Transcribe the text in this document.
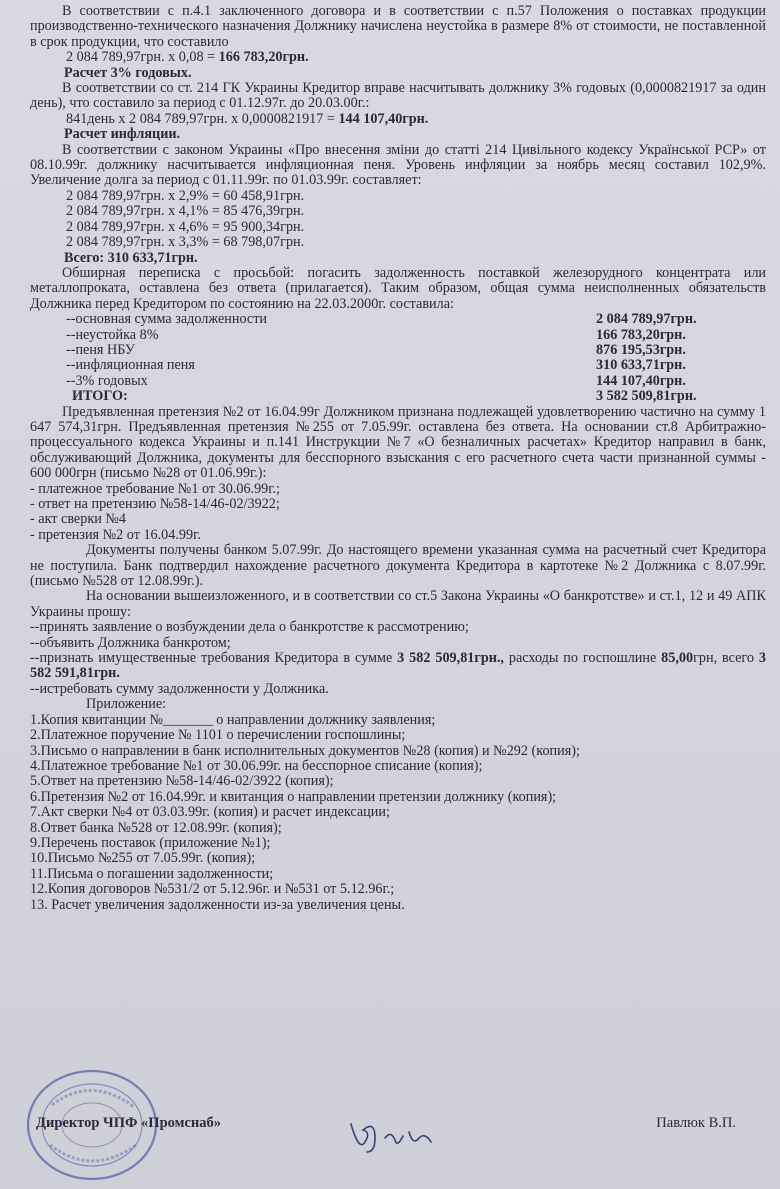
В соответствии с п.4.1 заключенного договора и в соответствии с п.57 Положения о поставках продукции производственно-технического назначения Должнику начислена неустойка в размере 8% от стоимости, не поставленной в срок продукции, что составило

2 084 789,97грн. х 0,08 = 166 783,20грн.

Расчет 3% годовых.

В соответствии со ст. 214 ГК Украины Кредитор вправе насчитывать должнику 3% годовых (0,0000821917 за один день), что составило за период с 01.12.97г. до 20.03.00г.:

841день х 2 084 789,97грн. х 0,0000821917 = 144 107,40грн.

Расчет инфляции.

В соответствии с законом Украины «Про внесення зміни до статті 214 Цивільного кодексу Української РСР» от 08.10.99г. должнику насчитывается инфляционная пеня. Уровень инфляции за ноябрь месяц составил 102,9%. Увеличение долга за период с 01.11.99г. по 01.03.99г. составляет:

2 084 789,97грн. х 2,9% = 60 458,91грн.
2 084 789,97грн. х 4,1% = 85 476,39грн.
2 084 789,97грн. х 4,6% = 95 900,34грн.
2 084 789,97грн. х 3,3% = 68 798,07грн.

Всего: 310 633,71грн.

Обширная переписка с просьбой: погасить задолженность поставкой железорудного концентрата или металлопроката, оставлена без ответа (прилагается). Таким образом, общая сумма неисполненных обязательств Должника перед Кредитором по состоянию на 22.03.2000г. составила:

--основная сумма задолженности	2 084 789,97грн.
--неустойка 8%	166 783,20грн.
--пеня НБУ	876 195,53грн.
--инфляционная пеня	310 633,71грн.
--3% годовых	144 107,40грн.
ИТОГО:	3 582 509,81грн.

Предъявленная претензия №2 от 16.04.99г Должником признана подлежащей удовлетворению частично на сумму 1 647 574,31грн. Предъявленная претензия №255 от 7.05.99г. оставлена без ответа. На основании ст.8 Арбитражно-процессуального кодекса Украины и п.141 Инструкции №7 «О безналичных расчетах» Кредитор направил в банк, обслуживающий Должника, документы для бесспорного взыскания с его расчетного счета части признанной суммы - 600 000грн (письмо №28 от 01.06.99г.):

- платежное требование №1 от 30.06.99г.;
- ответ на претензию №58-14/46-02/3922;
- акт сверки №4
- претензия №2 от 16.04.99г.

Документы получены банком 5.07.99г. До настоящего времени указанная сумма на расчетный счет Кредитора не поступила. Банк подтвердил нахождение расчетного документа Кредитора в картотеке №2 Должника с 8.07.99г. (письмо №528 от 12.08.99г.).

На основании вышеизложенного, и в соответствии со ст.5 Закона Украины «О банкротстве» и ст.1, 12 и 49 АПК Украины прошу:

--принять заявление о возбуждении дела о банкротстве к рассмотрению;
--объявить Должника банкротом;

--признать имущественные требования Кредитора в сумме 3 582 509,81грн., расходы по госпошлине 85,00грн, всего 3 582 591,81грн.

--истребовать сумму задолженности у Должника.
Приложение:

1.Копия квитанции №_______ о направлении должнику заявления;

2.Платежное поручение № 1101 о перечислении госпошлины;

3.Письмо о направлении в банк исполнительных документов №28 (копия) и №292 (копия);

4.Платежное требование №1 от 30.06.99г. на бесспорное списание (копия);

5.Ответ на претензию №58-14/46-02/3922 (копия);

6.Претензия №2 от 16.04.99г. и квитанция о направлении претензии должнику (копия);

7.Акт сверки №4 от 03.03.99г. (копия) и расчет индексации;

8.Ответ банка №528 от 12.08.99г. (копия);

9.Перечень поставок (приложение №1);

10.Письмо №255 от 7.05.99г. (копия);

11.Письма о погашении задолженности;

12.Копия договоров №531/2 от 5.12.96г. и №531 от 5.12.96г.;

13. Расчет увеличения задолженности из-за увеличения цены.

Директор ЧПФ «Промснаб»	Павлюк В.П.
